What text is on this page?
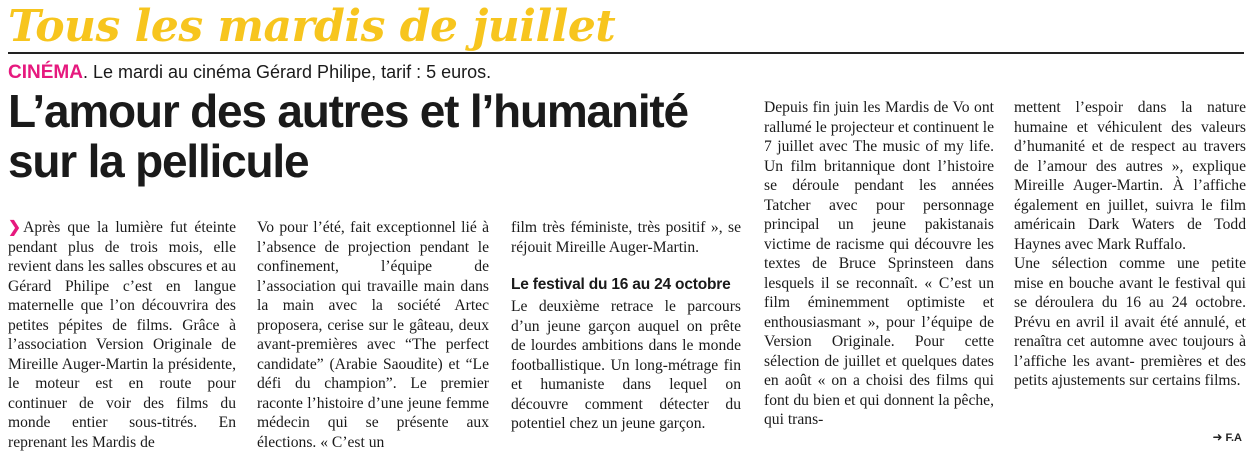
Tous les mardis de juillet
CINÉMA. Le mardi au cinéma Gérard Philipe, tarif : 5 euros.
L’amour des autres et l’humanité sur la pellicule

❯ Après que la lumière fut éteinte pendant plus de trois mois, elle revient dans les salles obscures et au Gérard Philipe c’est en langue maternelle que l’on découvrira des petites pépites de films. Grâce à l’association Version Originale de Mireille Auger-Martin la présidente, le moteur est en route pour continuer de voir des films du monde entier sous-titrés. En reprenant les Mardis de

Vo pour l’été, fait exceptionnel lié à l’absence de projection pendant le confinement, l’équipe de l’association qui travaille main dans la main avec la société Artec proposera, cerise sur le gâteau, deux avant-premières avec “The perfect candidate” (Arabie Saoudite) et “Le défi du champion”. Le premier raconte l’histoire d’une jeune femme médecin qui se présente aux élections. « C’est un

film très féministe, très positif », se réjouit Mireille Auger-Martin.

Le festival du 16 au 24 octobre

Le deuxième retrace le parcours d’un jeune garçon auquel on prête de lourdes ambitions dans le monde footballistique. Un long-métrage fin et humaniste dans lequel on découvre comment détecter du potentiel chez un jeune garçon.

Depuis fin juin les Mardis de Vo ont rallumé le projecteur et continuent le 7 juillet avec The music of my life. Un film britannique dont l’histoire se déroule pendant les années Tatcher avec pour personnage principal un jeune pakistanais victime de racisme qui découvre les textes de Bruce Sprinsteen dans lesquels il se reconnaît. « C’est un film éminemment optimiste et enthousiasmant », pour l’équipe de Version Originale. Pour cette sélection de juillet et quelques dates en août « on a choisi des films qui font du bien et qui donnent la pêche, qui trans-

mettent l’espoir dans la nature humaine et véhiculent des valeurs d’humanité et de respect au travers de l’amour des autres », explique Mireille Auger-Martin. À l’affiche également en juillet, suivra le film américain Dark Waters de Todd Haynes avec Mark Ruffalo.

Une sélection comme une petite mise en bouche avant le festival qui se déroulera du 16 au 24 octobre. Prévu en avril il avait été annulé, et renaîtra cet automne avec toujours à l’affiche les avant- premières et des petits ajustements sur certains films.

➜ F.A
